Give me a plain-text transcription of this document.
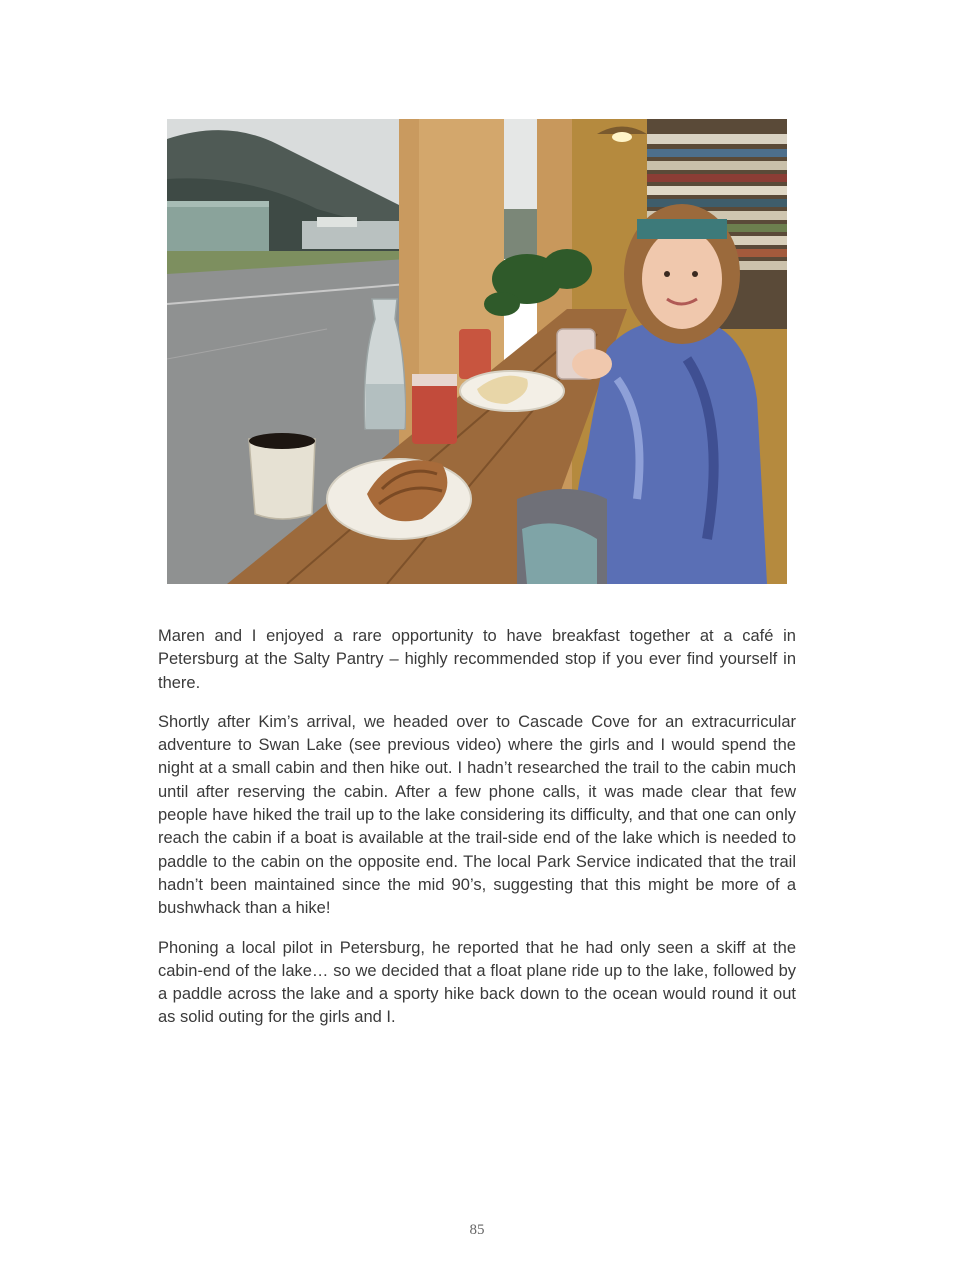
Maren and I enjoyed a rare opportunity to have breakfast together at a café in Petersburg at the Salty Pantry – highly recommended stop if you ever find yourself in there.

Shortly after Kim’s arrival, we headed over to Cascade Cove for an extracurricular adventure to Swan Lake (see previous video) where the girls and I would spend the night at a small cabin and then hike out. I hadn’t researched the trail to the cabin much until after reserving the cabin. After a few phone calls, it was made clear that few people have hiked the trail up to the lake considering its difficulty, and that one can only reach the cabin if a boat is available at the trail-side end of the lake which is needed to paddle to the cabin on the opposite end. The local Park Service indicated that the trail hadn’t been maintained since the mid 90’s, suggesting that this might be more of a bushwhack than a hike!

Phoning a local pilot in Petersburg, he reported that he had only seen a skiff at the cabin-end of the lake… so we decided that a float plane ride up to the lake, followed by a paddle across the lake and a sporty hike back down to the ocean would round it out as solid outing for the girls and I.

85
